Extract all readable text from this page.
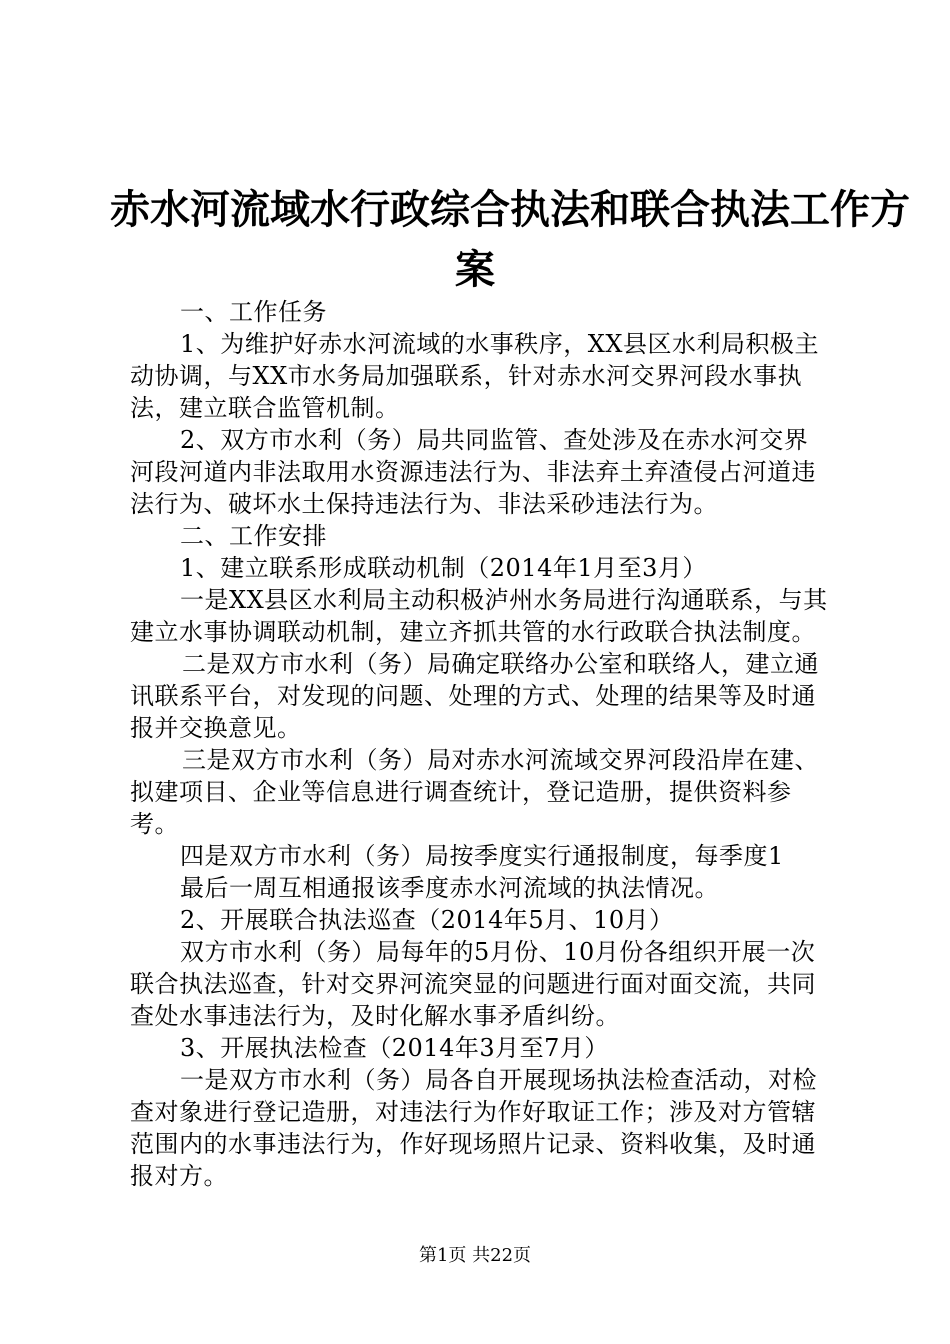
赤水河流域水行政综合执法和联合执法工作方
案

一、工作任务

1、为维护好赤水河流域的水事秩序，XX县区水利局积极主动协调，与XX市水务局加强联系，针对赤水河交界河段水事执法，建立联合监管机制。

2、双方市水利（务）局共同监管、查处涉及在赤水河交界河段河道内非法取用水资源违法行为、非法弃土弃渣侵占河道违法行为、破坏水土保持违法行为、非法采砂违法行为。

二、工作安排

1、建立联系形成联动机制（2014年1月至3月）

一是XX县区水利局主动积极泸州水务局进行沟通联系，与其建立水事协调联动机制，建立齐抓共管的水行政联合执法制度。

二是双方市水利（务）局确定联络办公室和联络人，建立通讯联系平台，对发现的问题、处理的方式、处理的结果等及时通报并交换意见。

三是双方市水利（务）局对赤水河流域交界河段沿岸在建、拟建项目、企业等信息进行调查统计，登记造册，提供资料参考。

四是双方市水利（务）局按季度实行通报制度，每季度1

最后一周互相通报该季度赤水河流域的执法情况。

2、开展联合执法巡查（2014年5月、10月）

双方市水利（务）局每年的5月份、10月份各组织开展一次联合执法巡查，针对交界河流突显的问题进行面对面交流，共同查处水事违法行为，及时化解水事矛盾纠纷。

3、开展执法检查（2014年3月至7月）

一是双方市水利（务）局各自开展现场执法检查活动，对检查对象进行登记造册，对违法行为作好取证工作；涉及对方管辖范围内的水事违法行为，作好现场照片记录、资料收集，及时通报对方。

第1页 共22页
